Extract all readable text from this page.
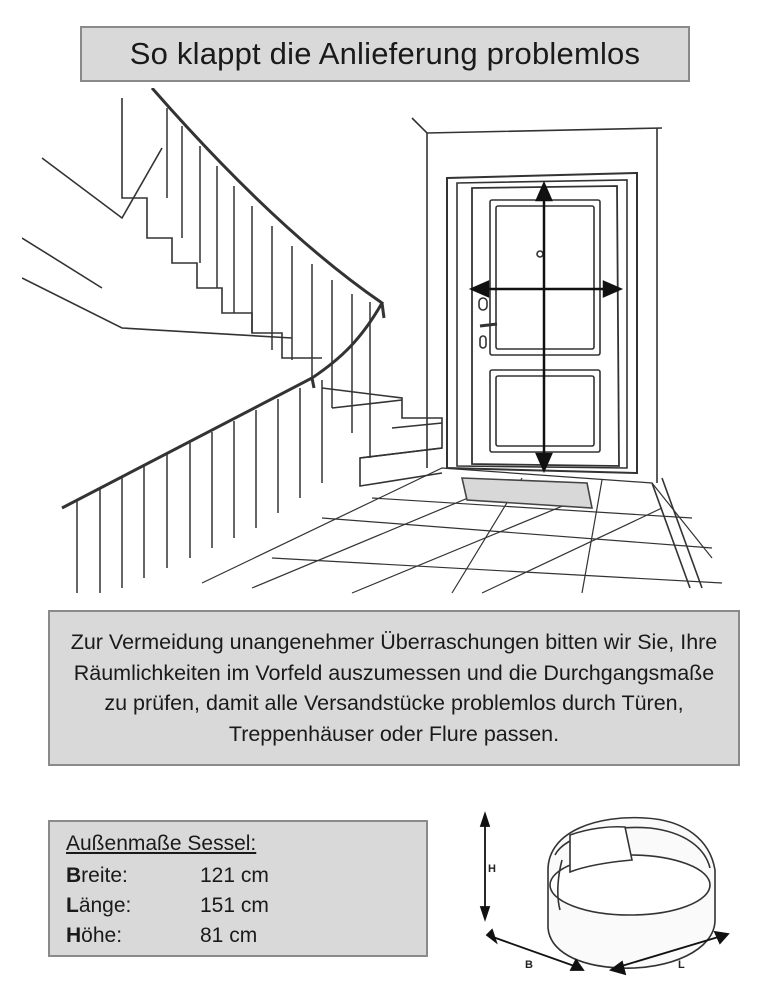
So klappt die Anlieferung problemlos
Zur Vermeidung unangenehmer Überraschungen bitten wir Sie, Ihre Räumlichkeiten im Vorfeld auszumessen und die Durchgangsmaße zu prüfen, damit alle Versandstücke problemlos durch Türen, Treppenhäuser oder Flure passen.
Außenmaße Sessel:
Breite:	121 cm
Länge:	151 cm
Höhe:	81 cm
H
B	L
